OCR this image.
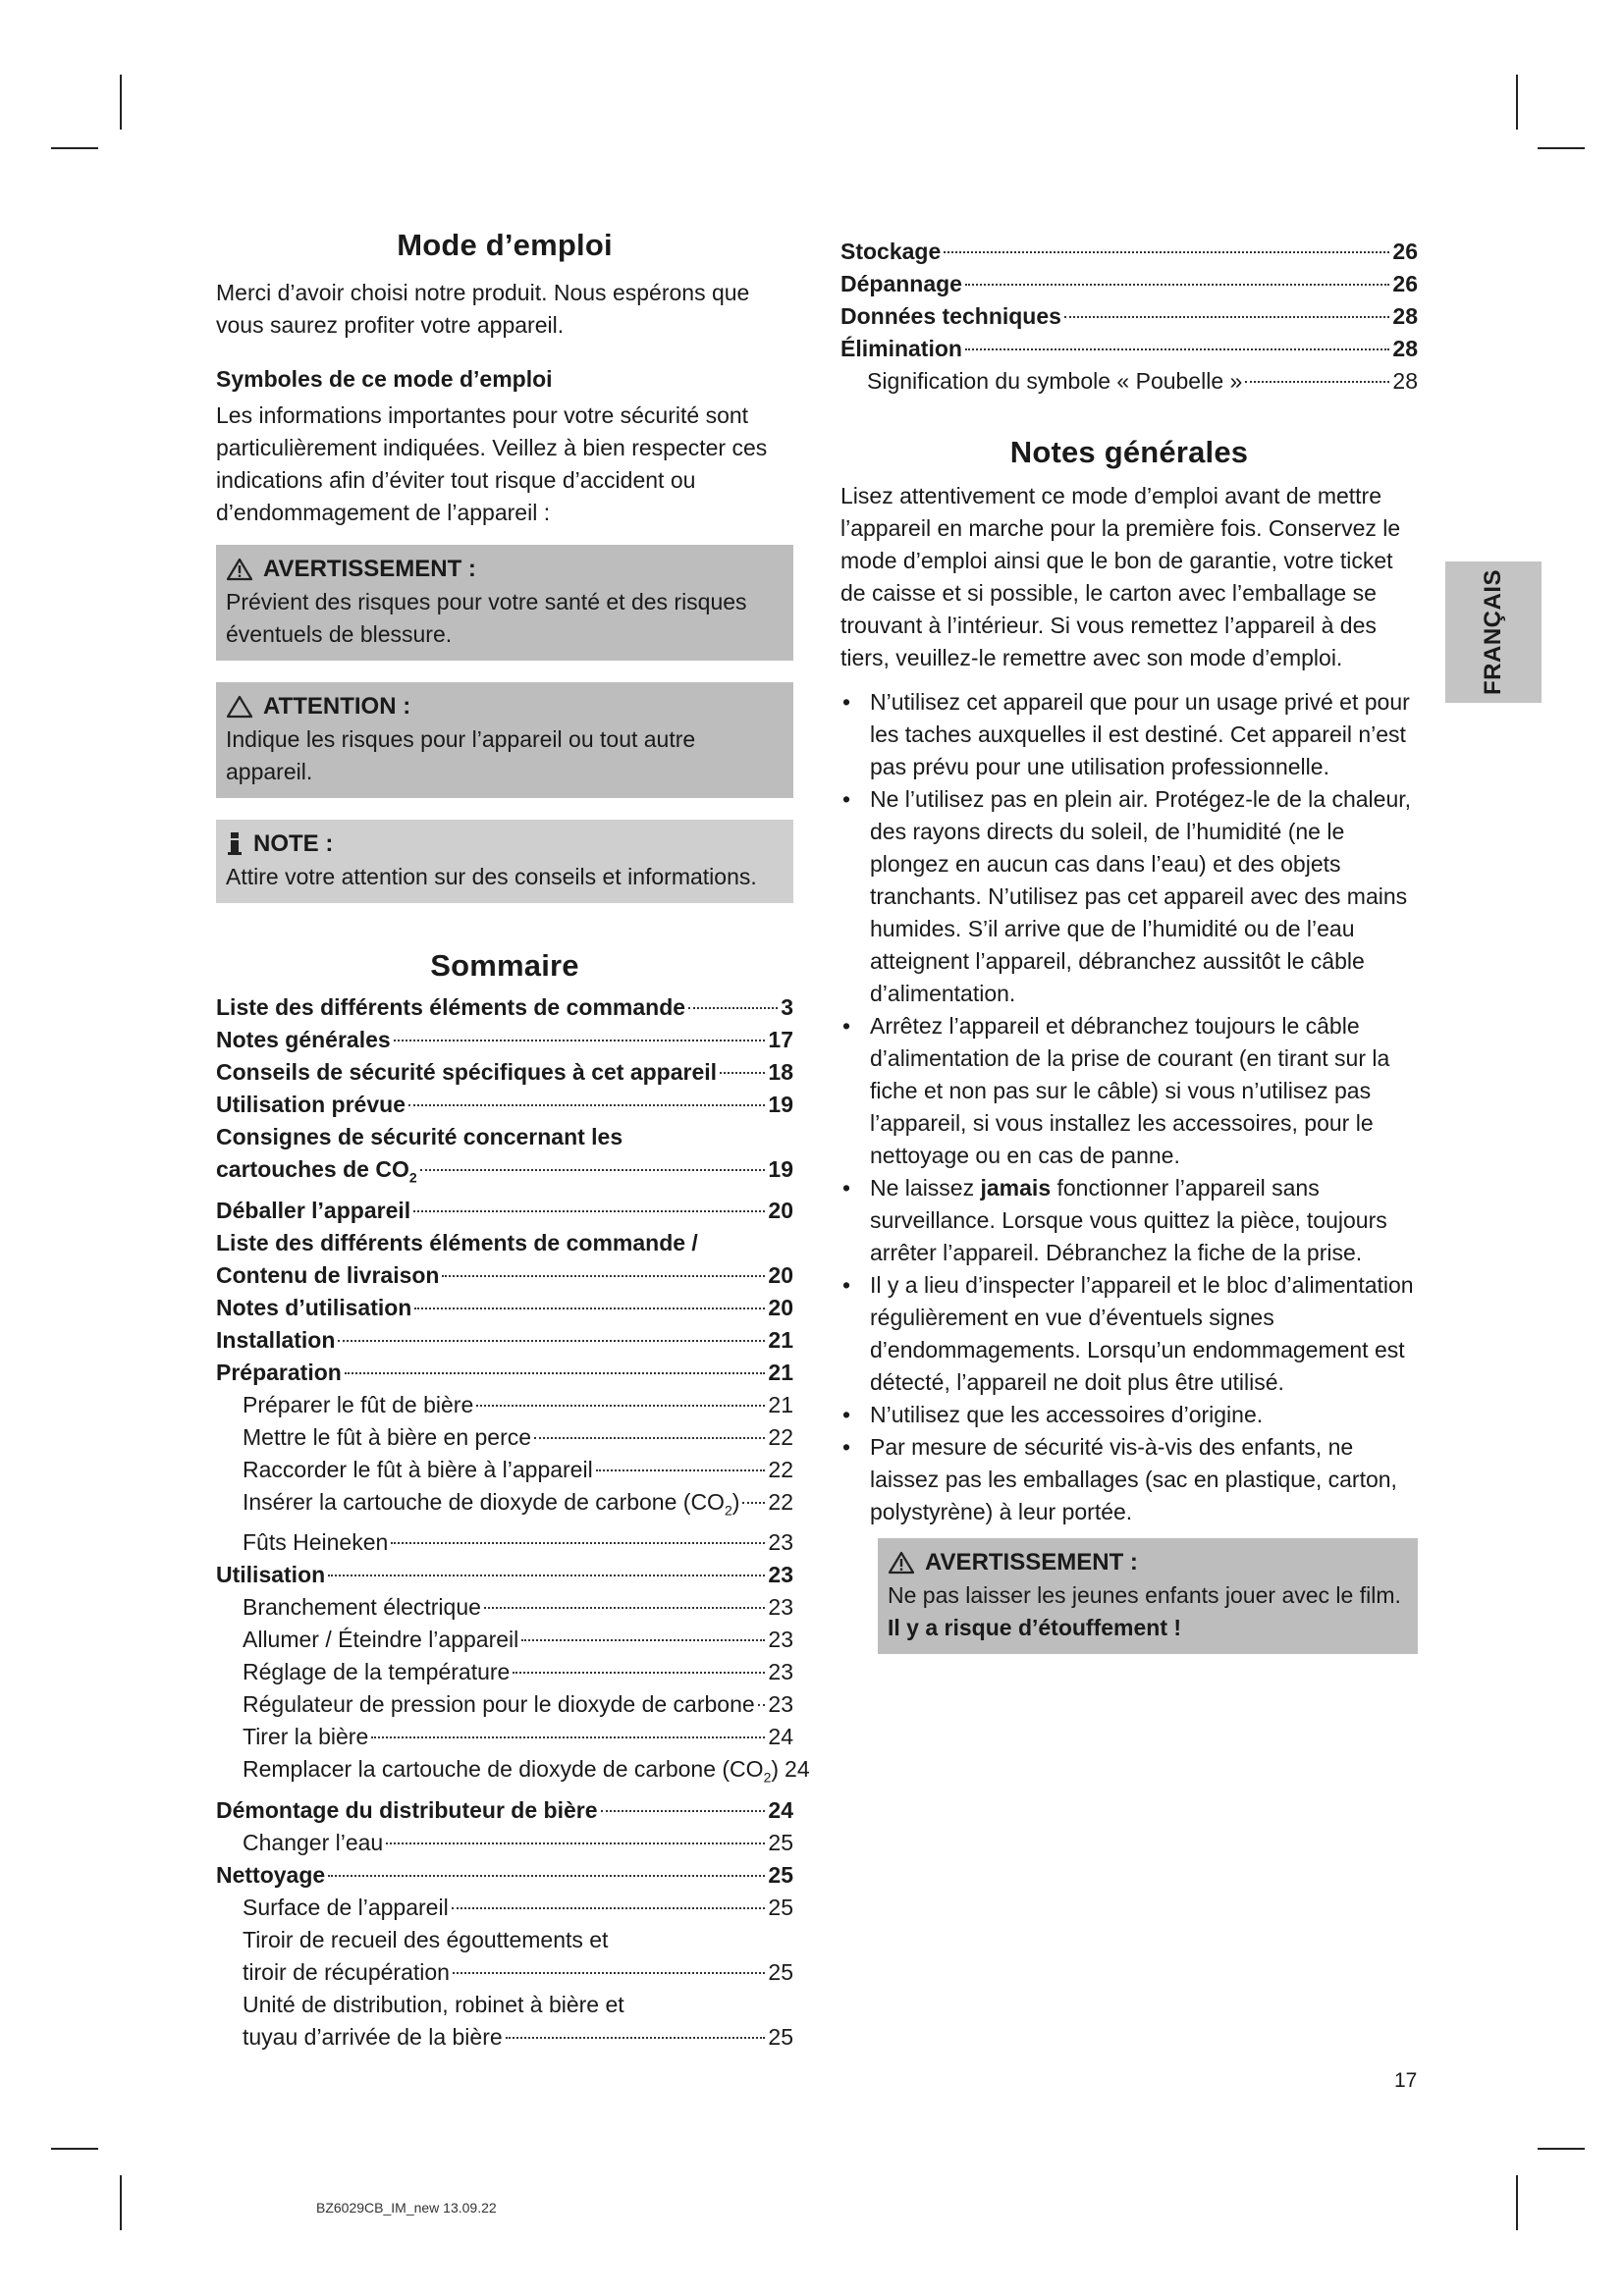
Mode d’emploi

Merci d’avoir choisi notre produit. Nous espérons que vous saurez profiter votre appareil.

Symboles de ce mode d’emploi

Les informations importantes pour votre sécurité sont particulièrement indiquées. Veillez à bien respecter ces indications afin d’éviter tout risque d’accident ou d’endommagement de l’appareil :

AVERTISSEMENT :

Prévient des risques pour votre santé et des risques éventuels de blessure.

ATTENTION :

Indique les risques pour l’appareil ou tout autre appareil.

NOTE :

Attire votre attention sur des conseils et informations.

Sommaire
Liste des différents éléments de commande	3
Notes générales	17
Conseils de sécurité spécifiques à cet appareil 18
Utilisation prévue	19
Consignes de sécurité concernant les
cartouches de $CO_2$	19
Déballer l’appareil	20
Liste des différents éléments de commande /
Contenu de livraison	20
Notes d’utilisation	20
Installation	21
Préparation	21
Préparer le fût de bière	21
Mettre le fût à bière en perce	22
Raccorder le fût à bière à l’appareil	22
Insérer la cartouche de dioxyde de carbone $(CO_2)$ 22
Fûts Heineken	23
Utilisation	23
Branchement électrique	23
Allumer / Éteindre l’appareil	23
Réglage de la température	23
Régulateur de pression pour le dioxyde de carbone 23
Tirer la bière	24
Remplacer la cartouche de dioxyde de carbone $(CO_2)$ 24
Démontage du distributeur de bière	24
Changer l’eau	25
Nettoyage	25
Surface de l’appareil	25
Tiroir de recueil des égouttements et
tiroir de récupération	25
Unité de distribution, robinet à bière et
tuyau d’arrivée de la bière	25
Stockage	26
Dépannage	26
Données techniques	28
Élimination	28
Signification du symbole « Poubelle »	28
Notes générales

Lisez attentivement ce mode d’emploi avant de mettre l’appareil en marche pour la première fois. Conservez le mode d’emploi ainsi que le bon de garantie, votre ticket de caisse et si possible, le carton avec l’emballage se trouvant à l’intérieur. Si vous remettez l’appareil à des tiers, veuillez-le remettre avec son mode d’emploi.

• N’utilisez cet appareil que pour un usage privé et pour les taches auxquelles il est destiné. Cet appareil n’est pas prévu pour une utilisation professionnelle.
• Ne l’utilisez pas en plein air. Protégez-le de la chaleur, des rayons directs du soleil, de l’humidité (ne le plongez en aucun cas dans l’eau) et des objets tranchants. N’utilisez pas cet appareil avec des mains humides. S’il arrive que de l’humidité ou de l’eau atteignent l’appareil, débranchez aussitôt le câble d’alimentation.
• Arrêtez l’appareil et débranchez toujours le câble d’alimentation de la prise de courant (en tirant sur la fiche et non pas sur le câble) si vous n’utilisez pas l’appareil, si vous installez les accessoires, pour le nettoyage ou en cas de panne.
• Ne laissez jamais fonctionner l’appareil sans surveillance. Lorsque vous quittez la pièce, toujours arrêter l’appareil. Débranchez la fiche de la prise.
• Il y a lieu d’inspecter l’appareil et le bloc d’alimentation régulièrement en vue d’éventuels signes d’endommagements. Lorsqu’un endommagement est détecté, l’appareil ne doit plus être utilisé.
• N’utilisez que les accessoires d’origine.
• Par mesure de sécurité vis-à-vis des enfants, ne laissez pas les emballages (sac en plastique, carton, polystyrène) à leur portée.
AVERTISSEMENT :

Ne pas laisser les jeunes enfants jouer avec le film.

Il y a risque d’étouffement !

FRANÇAIS
17
BZ6029CB_IM_new 13.09.22
